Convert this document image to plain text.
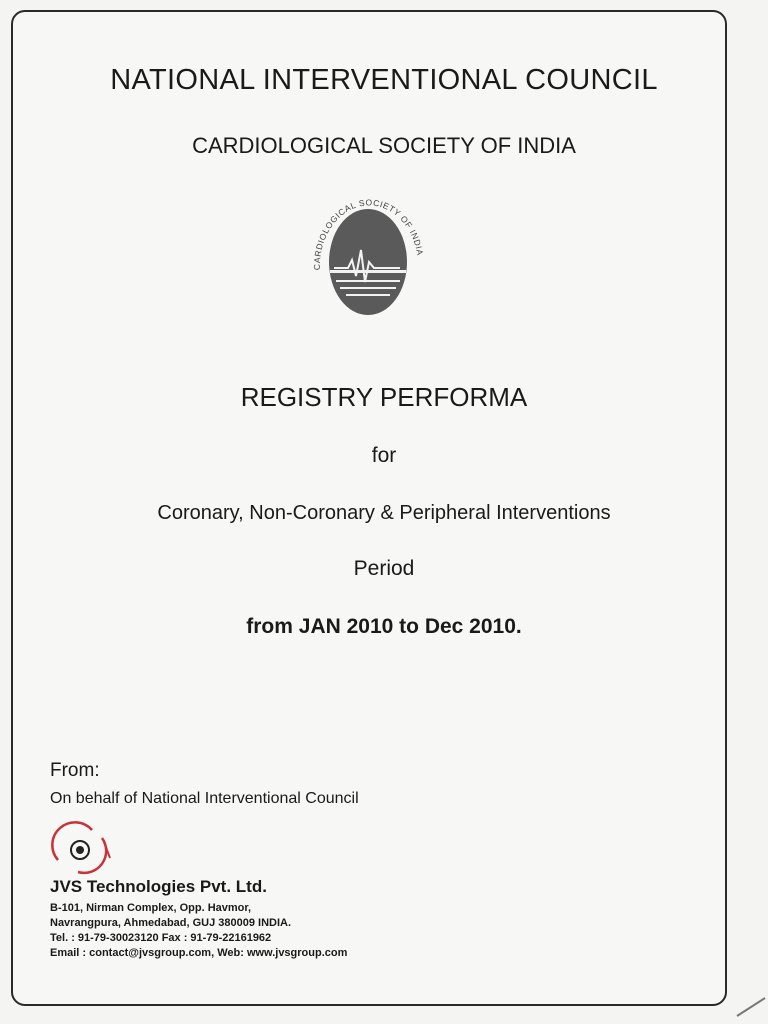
NATIONAL INTERVENTIONAL COUNCIL
CARDIOLOGICAL SOCIETY OF INDIA
CARDIOLOGICAL SOCIETY OF INDIA
REGISTRY PERFORMA
for
Coronary, Non-Coronary & Peripheral Interventions
Period
from JAN 2010 to Dec 2010.
From:
On behalf of National Interventional Council
JVS Technologies Pvt. Ltd.
B-101, Nirman Complex, Opp. Havmor,
Navrangpura, Ahmedabad, GUJ 380009 INDIA.
Tel. : 91-79-30023120 Fax : 91-79-22161962
Email : contact@jvsgroup.com, Web: www.jvsgroup.com
